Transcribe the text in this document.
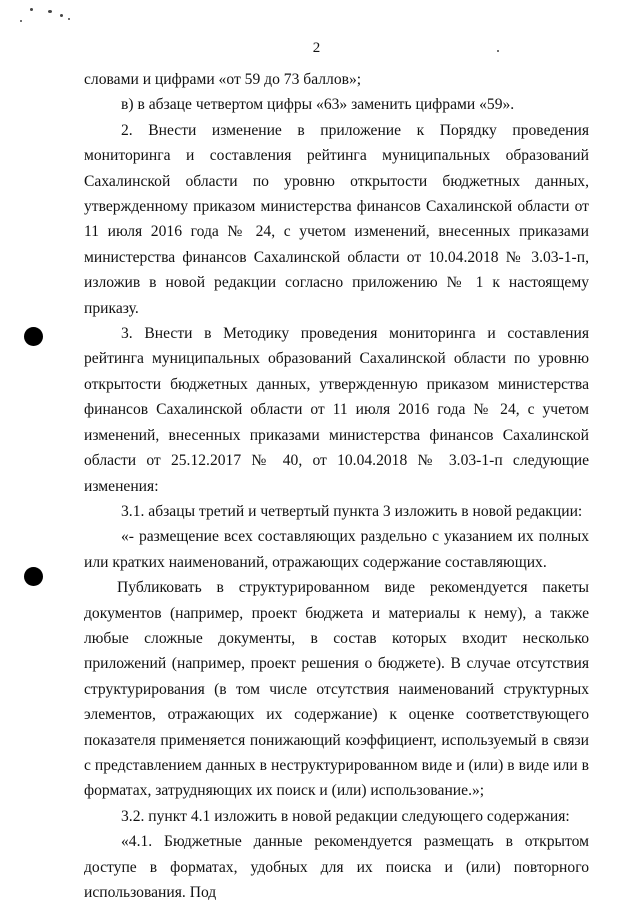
2

словами и цифрами «от 59 до 73 баллов»;

в) в абзаце четвертом цифры «63» заменить цифрами «59».

2. Внести изменение в приложение к Порядку проведения мониторинга и составления рейтинга муниципальных образований Сахалинской области по уровню открытости бюджетных данных, утвержденному приказом министерства финансов Сахалинской области от 11 июля 2016 года № 24, с учетом изменений, внесенных приказами министерства финансов Сахалинской области от 10.04.2018 № 3.03-1-п, изложив в новой редакции согласно приложению № 1 к настоящему приказу.

3. Внести в Методику проведения мониторинга и составления рейтинга муниципальных образований Сахалинской области по уровню открытости бюджетных данных, утвержденную приказом министерства финансов Сахалинской области от 11 июля 2016 года № 24, с учетом изменений, внесенных приказами министерства финансов Сахалинской области от 25.12.2017 № 40, от 10.04.2018 № 3.03-1-п следующие изменения:

3.1. абзацы третий и четвертый пункта 3 изложить в новой редакции:

«- размещение всех составляющих раздельно с указанием их полных или кратких наименований, отражающих содержание составляющих.

Публиковать в структурированном виде рекомендуется пакеты документов (например, проект бюджета и материалы к нему), а также любые сложные документы, в состав которых входит несколько приложений (например, проект решения о бюджете). В случае отсутствия структурирования (в том числе отсутствия наименований структурных элементов, отражающих их содержание) к оценке соответствующего показателя применяется понижающий коэффициент, используемый в связи с представлением данных в неструктурированном виде и (или) в виде или в форматах, затрудняющих их поиск и (или) использование.»;

3.2. пункт 4.1 изложить в новой редакции следующего содержания:

«4.1. Бюджетные данные рекомендуется размещать в открытом доступе в форматах, удобных для их поиска и (или) повторного использования. Под
